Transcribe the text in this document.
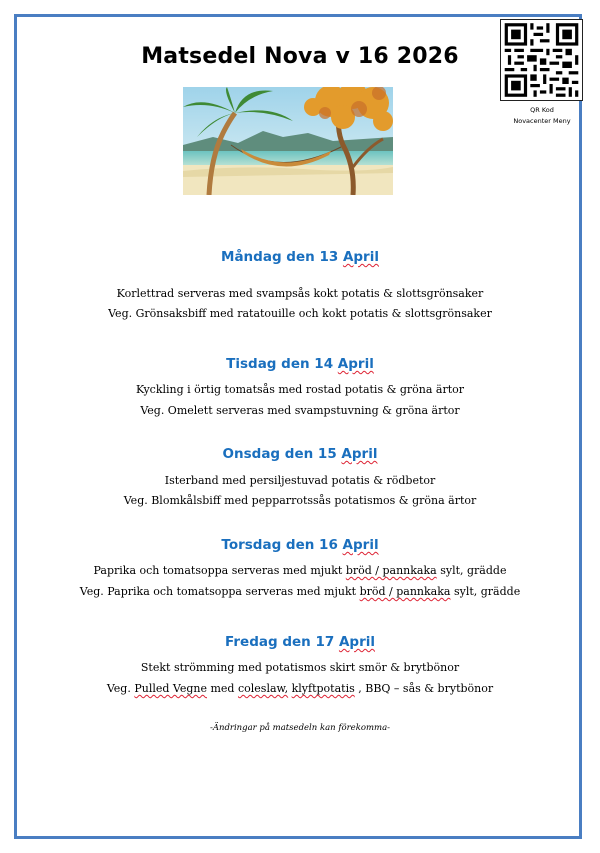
Matsedel Nova v 16 2026
QR Kod
Novacenter Meny
Måndag den 13 April
Korlettrad serveras med svampsås kokt potatis & slottsgrönsaker
Veg. Grönsaksbiff med ratatouille och kokt potatis & slottsgrönsaker
Tisdag den 14 April
Kyckling i örtig tomatsås med rostad potatis & gröna ärtor
Veg. Omelett serveras med svampstuvning & gröna ärtor
Onsdag den 15 April
Isterband med persiljestuvad potatis & rödbetor
Veg. Blomkålsbiff med pepparrotssås potatismos & gröna ärtor
Torsdag den 16 April
Paprika och tomatsoppa serveras med mjukt bröd / pannkaka sylt, grädde
Veg. Paprika och tomatsoppa serveras med mjukt bröd / pannkaka sylt, grädde
Fredag den 17 April
Stekt strömming med potatismos skirt smör & brytbönor
Veg. Pulled Vegne med coleslaw, klyftpotatis , BBQ – sås & brytbönor
-Ändringar på matsedeln kan förekomma-
